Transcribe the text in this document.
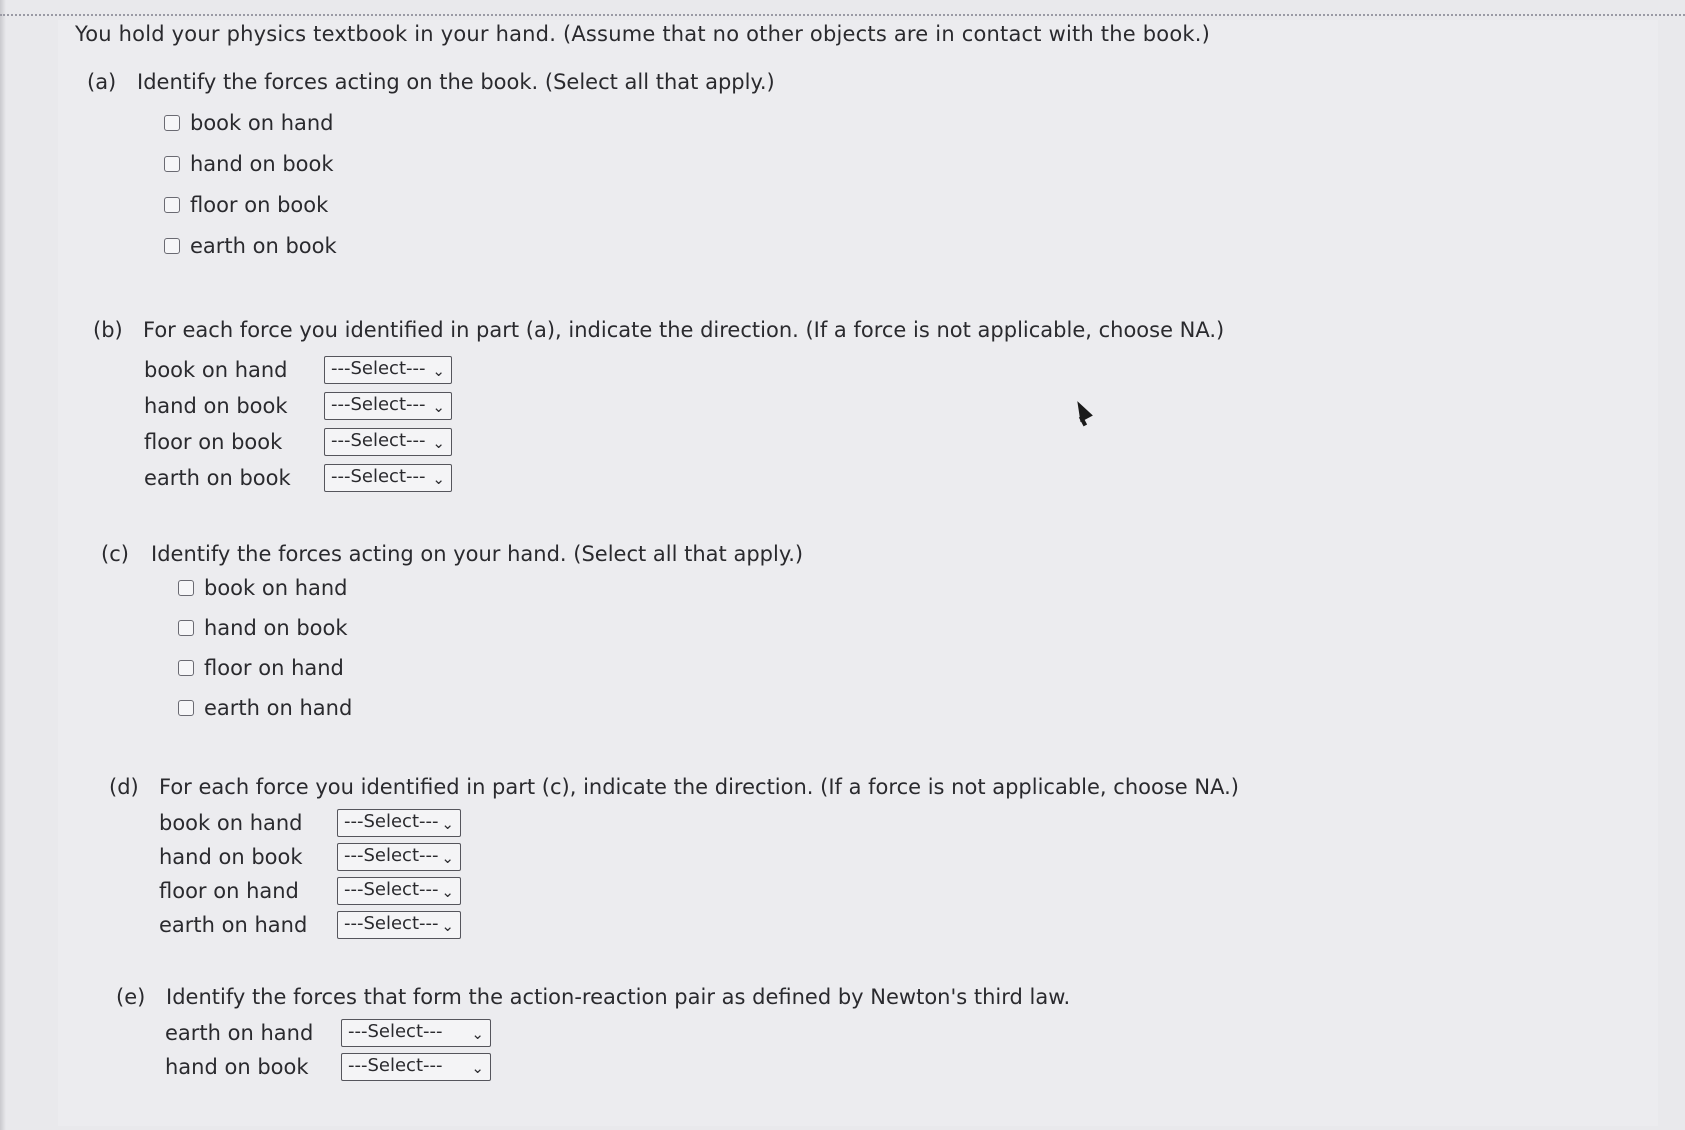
You hold your physics textbook in your hand. (Assume that no other objects are in contact with the book.)
(a) Identify the forces acting on the book. (Select all that apply.)
book on hand
hand on book
floor on book
earth on book
(b) For each force you identified in part (a), indicate the direction. (If a force is not applicable, choose NA.)
book on hand	---Select--- ⌄
hand on book	---Select--- ⌄
floor on book	---Select--- ⌄
earth on book	---Select--- ⌄
(c) Identify the forces acting on your hand. (Select all that apply.)
book on hand
hand on book
floor on hand
earth on hand
(d) For each force you identified in part (c), indicate the direction. (If a force is not applicable, choose NA.)
book on hand	---Select--- ⌄
hand on book	---Select--- ⌄
floor on hand	---Select--- ⌄
earth on hand	---Select--- ⌄
(e) Identify the forces that form the action-reaction pair as defined by Newton's third law.
earth on hand	---Select--- ⌄
hand on book	---Select--- ⌄
